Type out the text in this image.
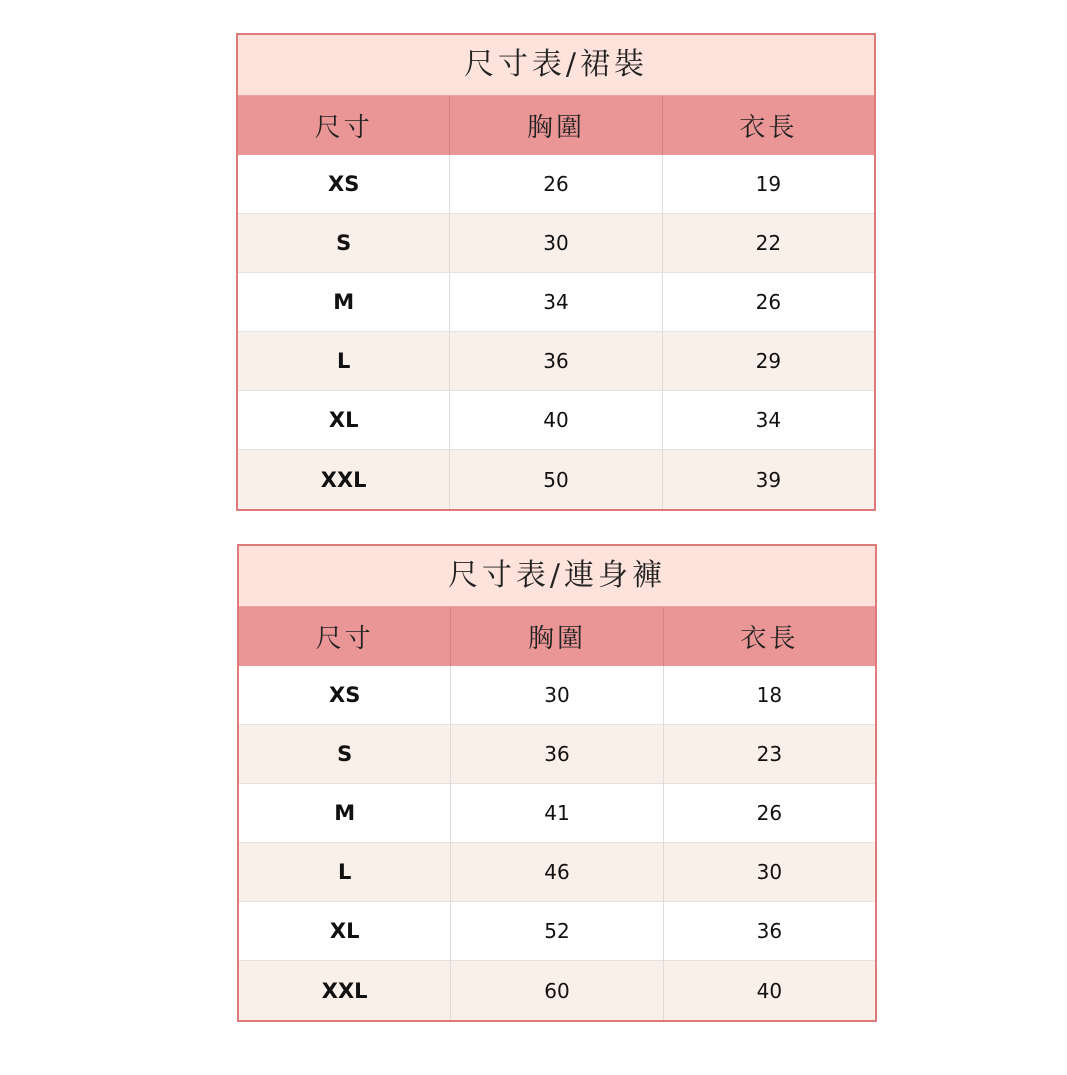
尺寸表/裙裝
尺寸	胸圍	衣長
XS	26	19
S	30	22
M	34	26
L	36	29
XL	40	34
XXL	50	39
尺寸表/連身褲
尺寸	胸圍	衣長
XS	30	18
S	36	23
M	41	26
L	46	30
XL	52	36
XXL	60	40
